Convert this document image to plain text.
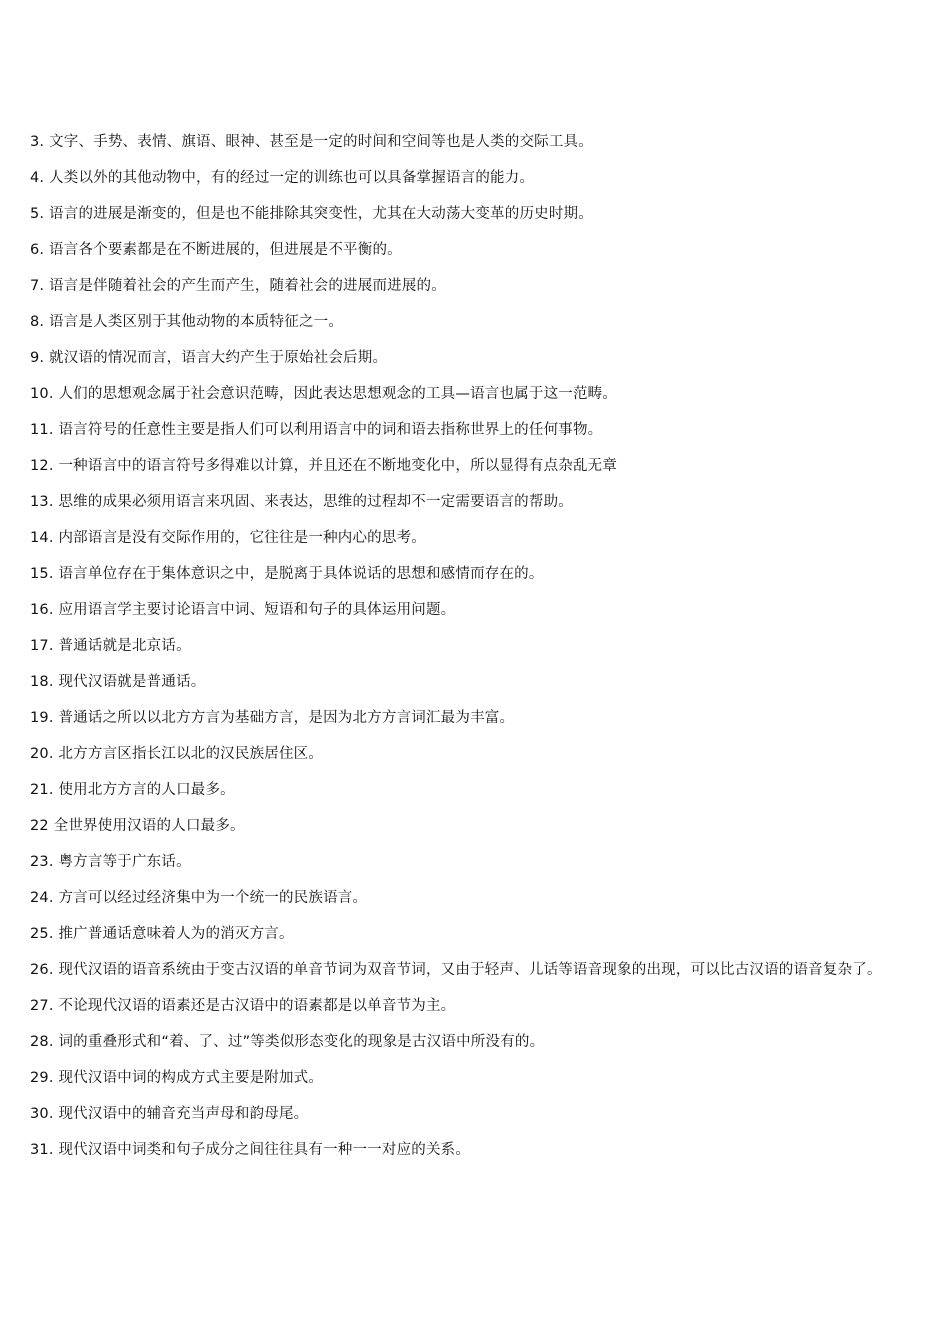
3. 文字、手势、表情、旗语、眼神、甚至是一定的时间和空间等也是人类的交际工具。
4. 人类以外的其他动物中，有的经过一定的训练也可以具备掌握语言的能力。
5. 语言的进展是渐变的，但是也不能排除其突变性，尤其在大动荡大变革的历史时期。
6. 语言各个要素都是在不断进展的，但进展是不平衡的。
7. 语言是伴随着社会的产生而产生，随着社会的进展而进展的。
8. 语言是人类区别于其他动物的本质特征之一。
9. 就汉语的情况而言，语言大约产生于原始社会后期。
10. 人们的思想观念属于社会意识范畴，因此表达思想观念的工具—语言也属于这一范畴。
11. 语言符号的任意性主要是指人们可以利用语言中的词和语去指称世界上的任何事物。
12. 一种语言中的语言符号多得难以计算，并且还在不断地变化中，所以显得有点杂乱无章
13. 思维的成果必须用语言来巩固、来表达，思维的过程却不一定需要语言的帮助。
14. 内部语言是没有交际作用的，它往往是一种内心的思考。
15. 语言单位存在于集体意识之中，是脱离于具体说话的思想和感情而存在的。
16. 应用语言学主要讨论语言中词、短语和句子的具体运用问题。
17. 普通话就是北京话。
18. 现代汉语就是普通话。
19. 普通话之所以以北方方言为基础方言，是因为北方方言词汇最为丰富。
20. 北方方言区指长江以北的汉民族居住区。
21. 使用北方方言的人口最多。
22 全世界使用汉语的人口最多。
23. 粤方言等于广东话。
24. 方言可以经过经济集中为一个统一的民族语言。
25. 推广普通话意味着人为的消灭方言。
26. 现代汉语的语音系统由于变古汉语的单音节词为双音节词，又由于轻声、儿话等语音现象的出现，可以比古汉语的语音复杂了。
27. 不论现代汉语的语素还是古汉语中的语素都是以单音节为主。
28. 词的重叠形式和“着、了、过”等类似形态变化的现象是古汉语中所没有的。
29. 现代汉语中词的构成方式主要是附加式。
30. 现代汉语中的辅音充当声母和韵母尾。
31. 现代汉语中词类和句子成分之间往往具有一种一一对应的关系。
